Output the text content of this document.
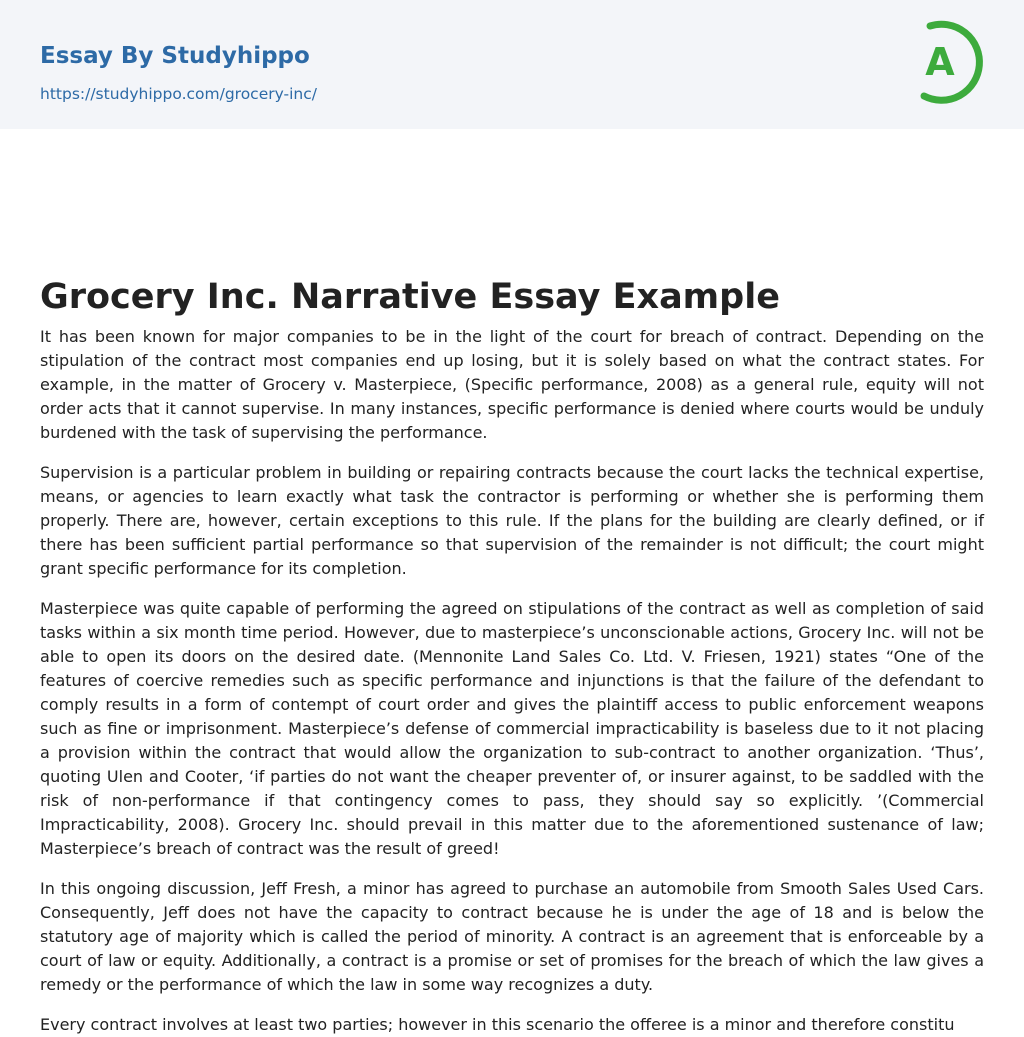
Essay By Studyhippo
https://studyhippo.com/grocery-inc/
A
Grocery Inc. Narrative Essay Example

It has been known for major companies to be in the light of the court for breach of contract. Depending on the stipulation of the contract most companies end up losing, but it is solely based on what the contract states. For example, in the matter of Grocery v. Masterpiece, (Specific performance, 2008) as a general rule, equity will not order acts that it cannot supervise. In many instances, specific performance is denied where courts would be unduly burdened with the task of supervising the performance.

Supervision is a particular problem in building or repairing contracts because the court lacks the technical expertise, means, or agencies to learn exactly what task the contractor is performing or whether she is performing them properly. There are, however, certain exceptions to this rule. If the plans for the building are clearly defined, or if there has been sufficient partial performance so that supervision of the remainder is not difficult; the court might grant specific performance for its completion.

Masterpiece was quite capable of performing the agreed on stipulations of the contract as well as completion of said tasks within a six month time period. However, due to masterpiece’s unconscionable actions, Grocery Inc. will not be able to open its doors on the desired date. (Mennonite Land Sales Co. Ltd. V. Friesen, 1921) states “One of the features of coercive remedies such as specific performance and injunctions is that the failure of the defendant to comply results in a form of contempt of court order and gives the plaintiff access to public enforcement weapons such as fine or imprisonment. Masterpiece’s defense of commercial impracticability is baseless due to it not placing a provision within the contract that would allow the organization to sub-contract to another organization. ‘Thus’, quoting Ulen and Cooter, ‘if parties do not want the cheaper preventer of, or insurer against, to be saddled with the risk of non-performance if that contingency comes to pass, they should say so explicitly. ’(Commercial Impracticability, 2008). Grocery Inc. should prevail in this matter due to the aforementioned sustenance of law; Masterpiece’s breach of contract was the result of greed!

In this ongoing discussion, Jeff Fresh, a minor has agreed to purchase an automobile from Smooth Sales Used Cars. Consequently, Jeff does not have the capacity to contract because he is under the age of 18 and is below the statutory age of majority which is called the period of minority. A contract is an agreement that is enforceable by a court of law or equity. Additionally, a contract is a promise or set of promises for the breach of which the law gives a remedy or the performance of which the law in some way recognizes a duty.

Every contract involves at least two parties; however in this scenario the offeree is a minor and therefore constitu
